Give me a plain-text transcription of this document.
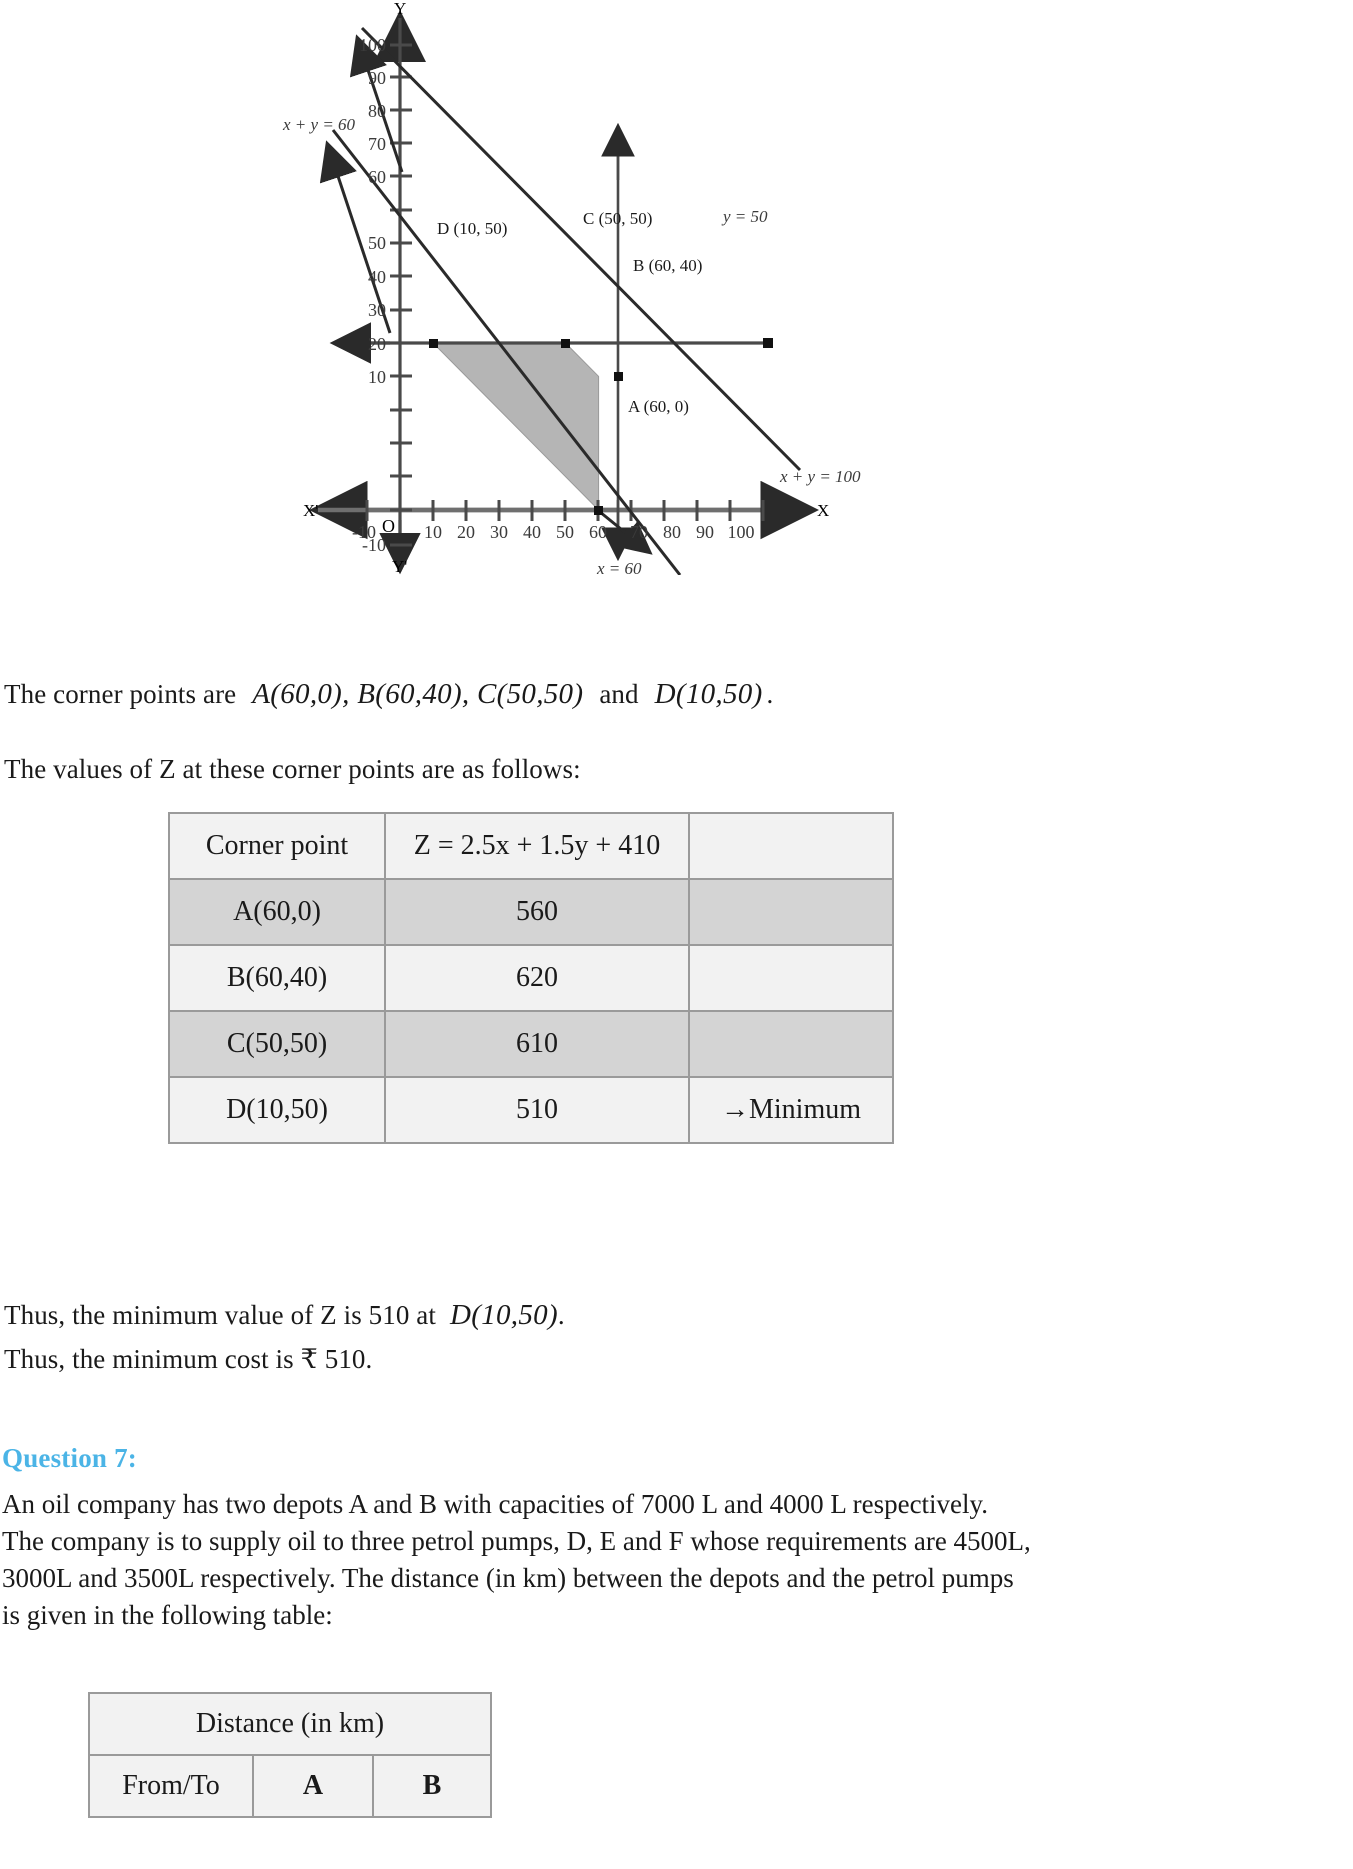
Y
Y'
X
X'
O
100
90
80
70
60
50
40
30
20
10
-10
-10	10 20 30 40 50 60 70 80 90 100
x + y = 60
x + y = 100
y = 50
x = 60
D (10, 50)
C (50, 50)
B (60, 40)
A (60, 0)
The corner points are A(60,0), B(60,40), C(50,50) and D(10,50) .

The values of Z at these corner points are as follows:

Corner point	Z = 2.5x + 1.5y + 410	
A(60,0)	560	
B(60,40)	620	
C(50,50)	610	
D(10,50)	510	→Minimum
Thus, the minimum value of Z is 510 at D(10,50) .
Thus, the minimum cost is ₹ 510.
Question 7:
An oil company has two depots A and B with capacities of 7000 L and 4000 L respectively.
The company is to supply oil to three petrol pumps, D, E and F whose requirements are 4500L,
3000L and 3500L respectively. The distance (in km) between the depots and the petrol pumps
is given in the following table:
Distance (in km)
From/To	A	B
